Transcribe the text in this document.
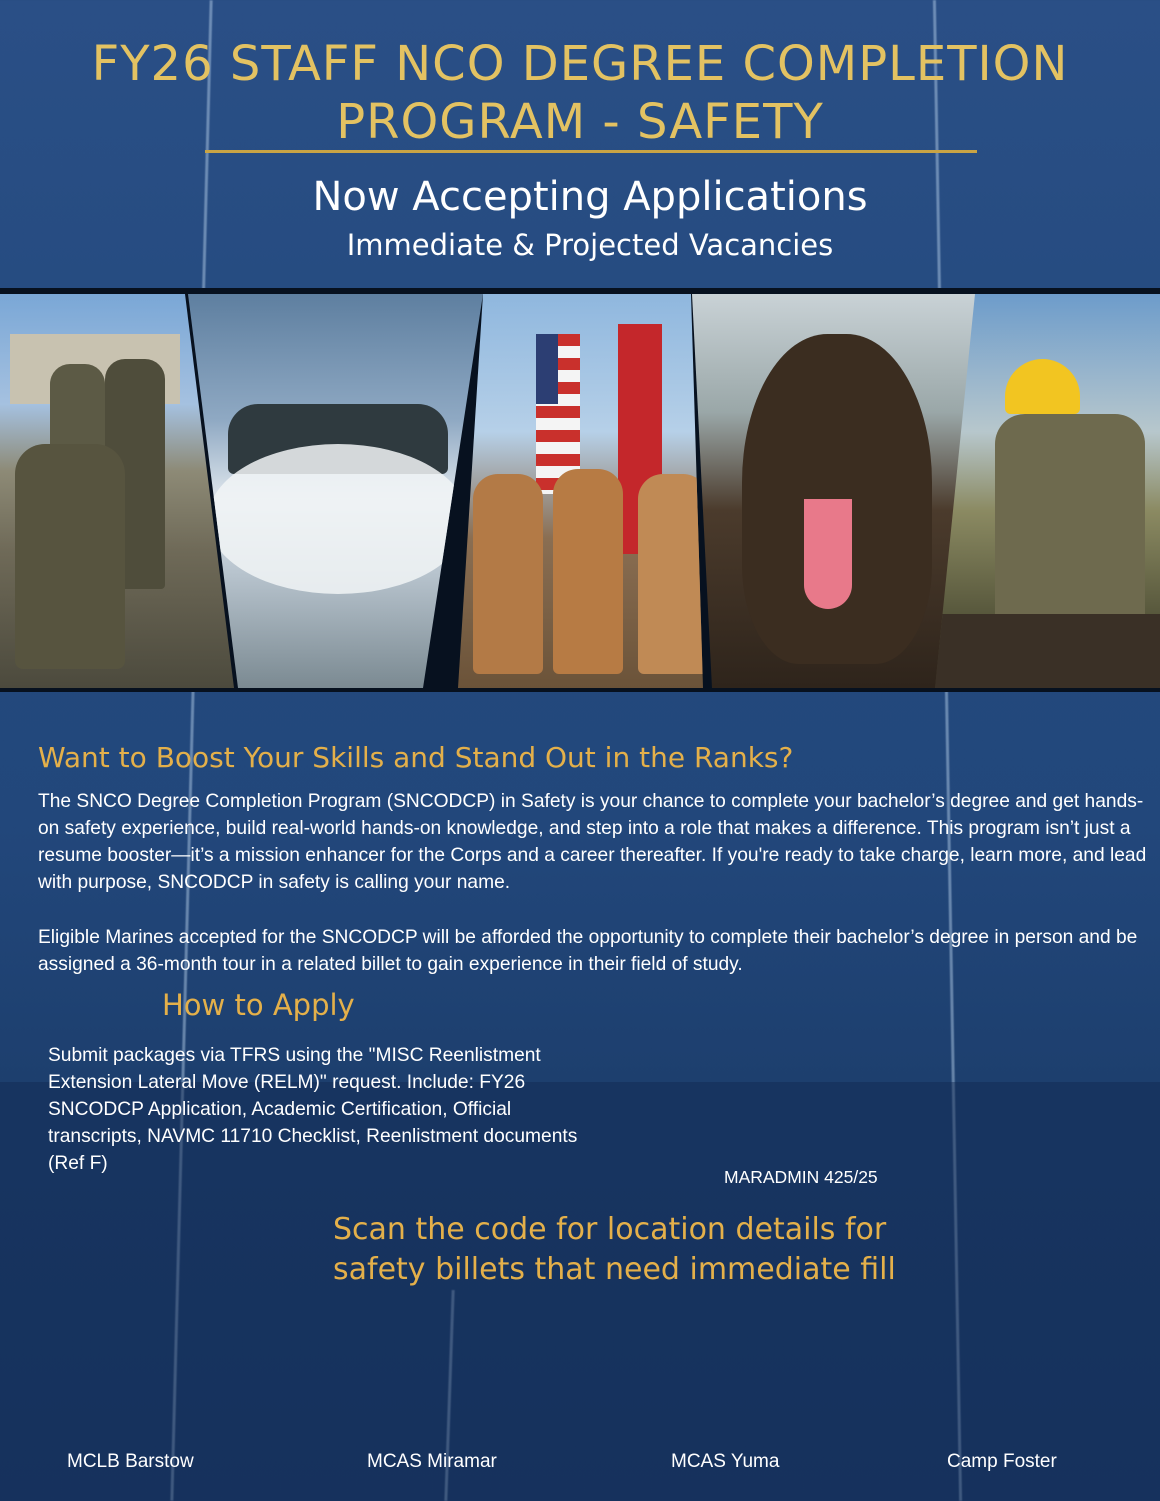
FY26 STAFF NCO DEGREE COMPLETION
PROGRAM - SAFETY
Now Accepting Applications
Immediate & Projected Vacancies
Want to Boost Your Skills and Stand Out in the Ranks?
The SNCO Degree Completion Program (SNCODCP) in Safety is your chance to complete your bachelor’s degree and get hands-on safety experience, build real-world hands-on knowledge, and step into a role that makes a difference. This program isn’t just a resume booster—it’s a mission enhancer for the Corps and a career thereafter. If you're ready to take charge, learn more, and lead with purpose, SNCODCP in safety is calling your name.
Eligible Marines accepted for the SNCODCP will be afforded the opportunity to complete their bachelor’s degree in person and be assigned a 36-month tour in a related billet to gain experience in their field of study.
How to Apply
Submit packages via TFRS using the "MISC Reenlistment Extension Lateral Move (RELM)" request. Include: FY26 SNCODCP Application, Academic Certification, Official transcripts, NAVMC 11710 Checklist, Reenlistment documents (Ref F)
MARADMIN 425/25
Scan the code for location details for
safety billets that need immediate fill
MCLB Barstow	MCAS Miramar	MCAS Yuma	Camp Foster
